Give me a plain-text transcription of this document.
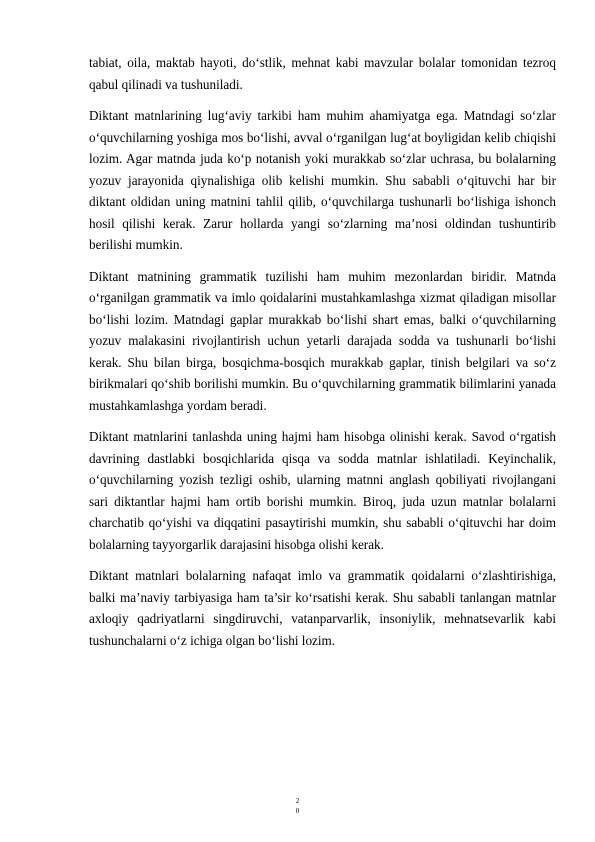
tabiat, oila, maktab hayoti, do‘stlik, mehnat kabi mavzular bolalar tomonidan tezroq qabul qilinadi va tushuniladi.

Diktant matnlarining lug‘aviy tarkibi ham muhim ahamiyatga ega. Matndagi so‘zlar o‘quvchilarning yoshiga mos bo‘lishi, avval o‘rganilgan lug‘at boyligidan kelib chiqishi lozim. Agar matnda juda ko‘p notanish yoki murakkab so‘zlar uchrasa, bu bolalarning yozuv jarayonida qiynalishiga olib kelishi mumkin. Shu sababli o‘qituvchi har bir diktant oldidan uning matnini tahlil qilib, o‘quvchilarga tushunarli bo‘lishiga ishonch hosil qilishi kerak. Zarur hollarda yangi so‘zlarning ma’nosi oldindan tushuntirib berilishi mumkin.

Diktant matnining grammatik tuzilishi ham muhim mezonlardan biridir. Matnda o‘rganilgan grammatik va imlo qoidalarini mustahkamlashga xizmat qiladigan misollar bo‘lishi lozim. Matndagi gaplar murakkab bo‘lishi shart emas, balki o‘quvchilarning yozuv malakasini rivojlantirish uchun yetarli darajada sodda va tushunarli bo‘lishi kerak. Shu bilan birga, bosqichma-bosqich murakkab gaplar, tinish belgilari va so‘z birikmalari qo‘shib borilishi mumkin. Bu o‘quvchilarning grammatik bilimlarini yanada mustahkamlashga yordam beradi.

Diktant matnlarini tanlashda uning hajmi ham hisobga olinishi kerak. Savod o‘rgatish davrining dastlabki bosqichlarida qisqa va sodda matnlar ishlatiladi. Keyinchalik, o‘quvchilarning yozish tezligi oshib, ularning matnni anglash qobiliyati rivojlangani sari diktantlar hajmi ham ortib borishi mumkin. Biroq, juda uzun matnlar bolalarni charchatib qo‘yishi va diqqatini pasaytirishi mumkin, shu sababli o‘qituvchi har doim bolalarning tayyorgarlik darajasini hisobga olishi kerak.

Diktant matnlari bolalarning nafaqat imlo va grammatik qoidalarni o‘zlashtirishiga, balki ma’naviy tarbiyasiga ham ta’sir ko‘rsatishi kerak. Shu sababli tanlangan matnlar axloqiy qadriyatlarni singdiruvchi, vatanparvarlik, insoniylik, mehnatsevarlik kabi tushunchalarni o‘z ichiga olgan bo‘lishi lozim.

2
0
